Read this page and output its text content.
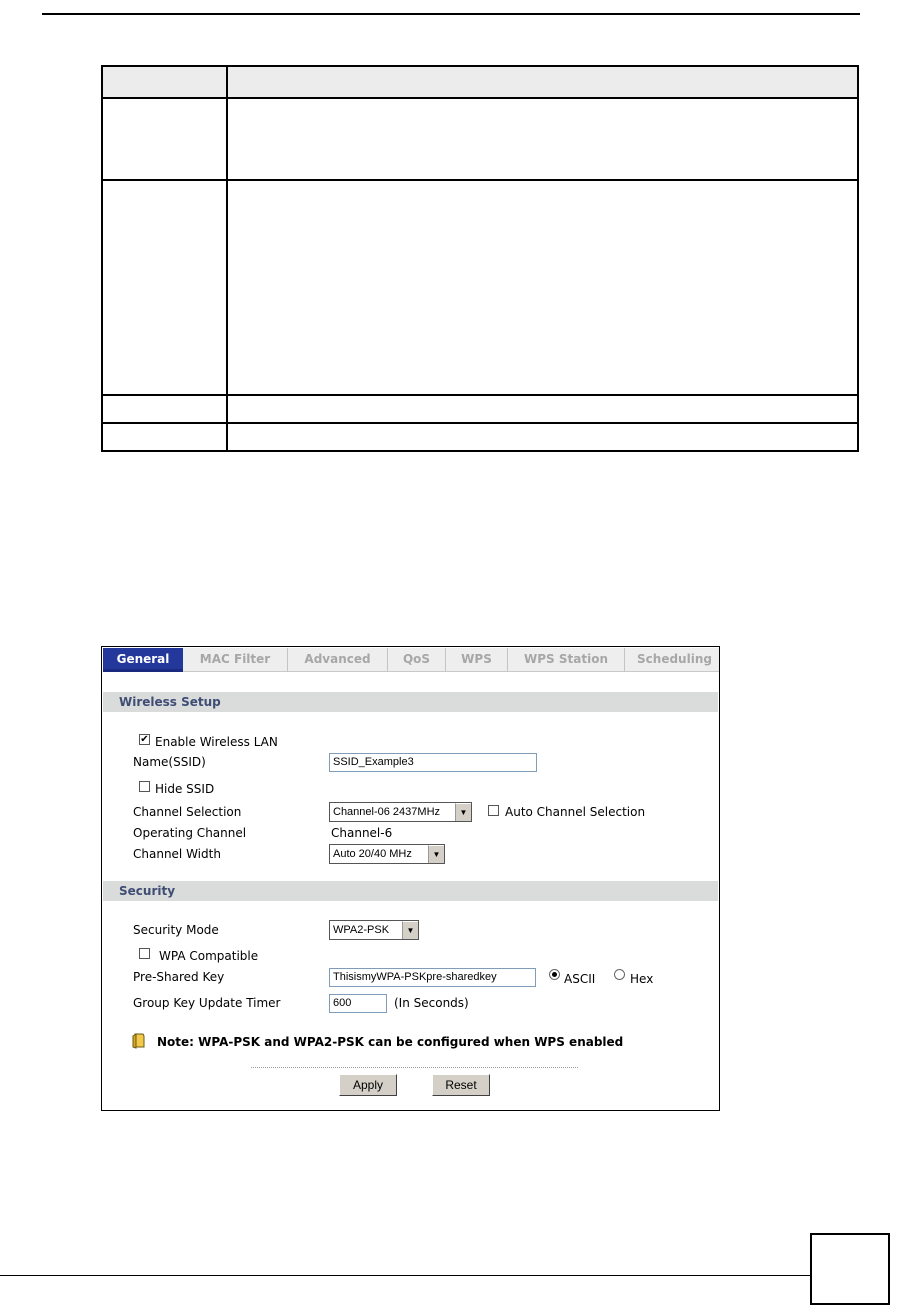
General	MAC Filter	Advanced	QoS	WPS	WPS Station	Scheduling
Wireless Setup
✔ Enable Wireless LAN
Name(SSID)	SSID_Example3
Hide SSID
Channel Selection	Channel-06 2437MHz	▼	Auto Channel Selection
Operating Channel	Channel-6
Channel Width	Auto 20/40 MHz	▼
Security
Security Mode	WPA2-PSK	▼
WPA Compatible
Pre-Shared Key	ThisismyWPA-PSKpre-sharedkey	ASCII	Hex
Group Key Update Timer	600	(In Seconds)
Note: WPA-PSK and WPA2-PSK can be configured when WPS enabled
Apply	Reset
